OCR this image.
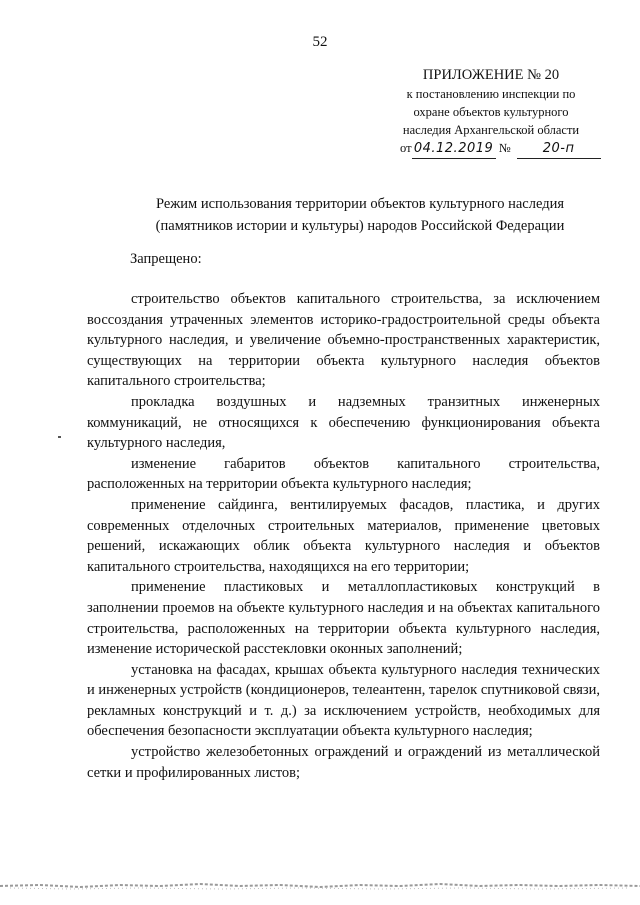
52
ПРИЛОЖЕНИЕ № 20
к постановлению инспекции по
охране объектов культурного
наследия Архангельской области
от 04.12.2019 № 20-п
Режим использования территории объектов культурного наследия
(памятников истории и культуры) народов Российской Федерации
Запрещено:

строительство объектов капитального строительства, за исключением воссоздания утраченных элементов историко-градостроительной среды объекта культурного наследия, и увеличение объемно-пространственных характеристик, существующих на территории объекта культурного наследия объектов капитального строительства;

прокладка воздушных и надземных транзитных инженерных коммуникаций, не относящихся к обеспечению функционирования объекта культурного наследия,

изменение габаритов объектов капитального строительства, расположенных на территории объекта культурного наследия;

применение сайдинга, вентилируемых фасадов, пластика, и других современных отделочных строительных материалов, применение цветовых решений, искажающих облик объекта культурного наследия и объектов капитального строительства, находящихся на его территории;

применение пластиковых и металлопластиковых конструкций в заполнении проемов на объекте культурного наследия и на объектах капитального строительства, расположенных на территории объекта культурного наследия, изменение исторической расстекловки оконных заполнений;

установка на фасадах, крышах объекта культурного наследия технических и инженерных устройств (кондиционеров, телеантенн, тарелок спутниковой связи, рекламных конструкций и т. д.) за исключением устройств, необходимых для обеспечения безопасности эксплуатации объекта культурного наследия;

устройство железобетонных ограждений и ограждений из металлической сетки и профилированных листов;
